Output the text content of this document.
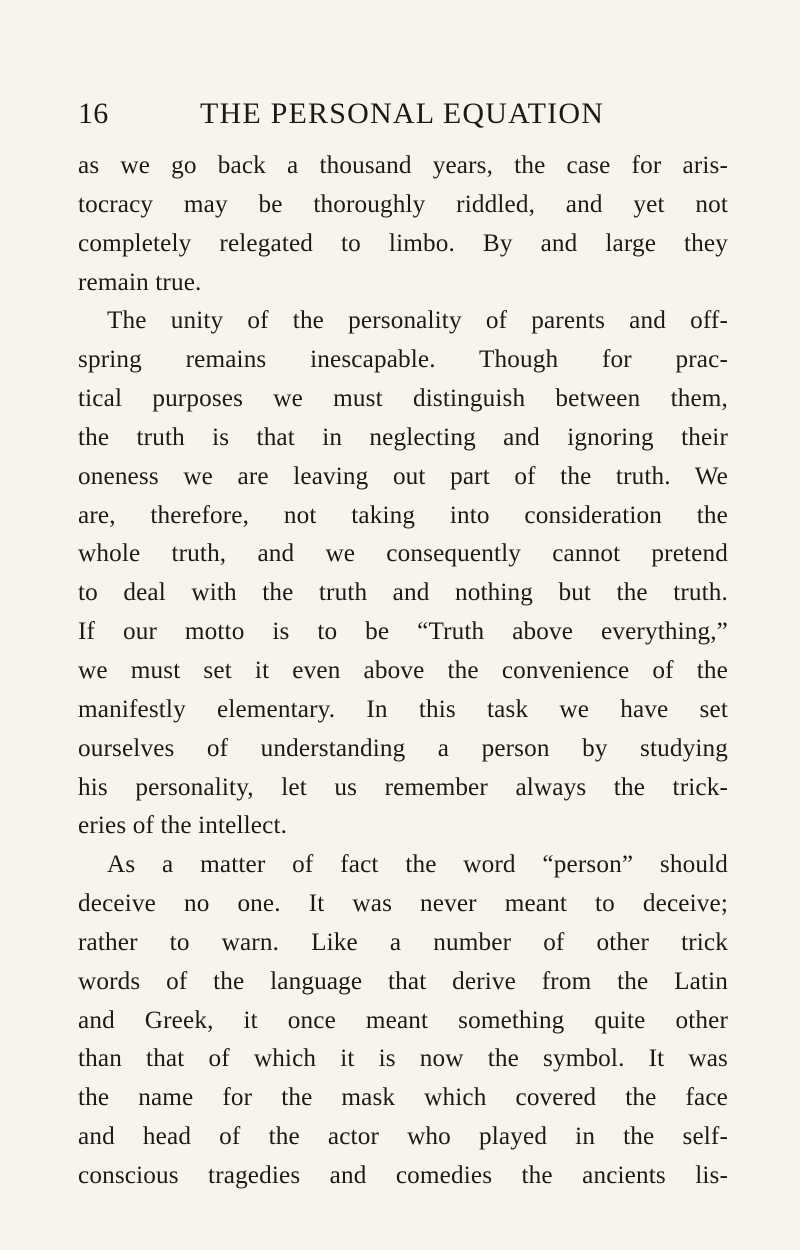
16	THE PERSONAL EQUATION
as we go back a thousand years, the case for aris-
tocracy may be thoroughly riddled, and yet not
completely relegated to limbo. By and large they
remain true.
The unity of the personality of parents and off-
spring remains inescapable. Though for prac-
tical purposes we must distinguish between them,
the truth is that in neglecting and ignoring their
oneness we are leaving out part of the truth. We
are, therefore, not taking into consideration the
whole truth, and we consequently cannot pretend
to deal with the truth and nothing but the truth.
If our motto is to be “Truth above everything,”
we must set it even above the convenience of the
manifestly elementary. In this task we have set
ourselves of understanding a person by studying
his personality, let us remember always the trick-
eries of the intellect.
As a matter of fact the word “person” should
deceive no one. It was never meant to deceive;
rather to warn. Like a number of other trick
words of the language that derive from the Latin
and Greek, it once meant something quite other
than that of which it is now the symbol. It was
the name for the mask which covered the face
and head of the actor who played in the self-
conscious tragedies and comedies the ancients lis-
